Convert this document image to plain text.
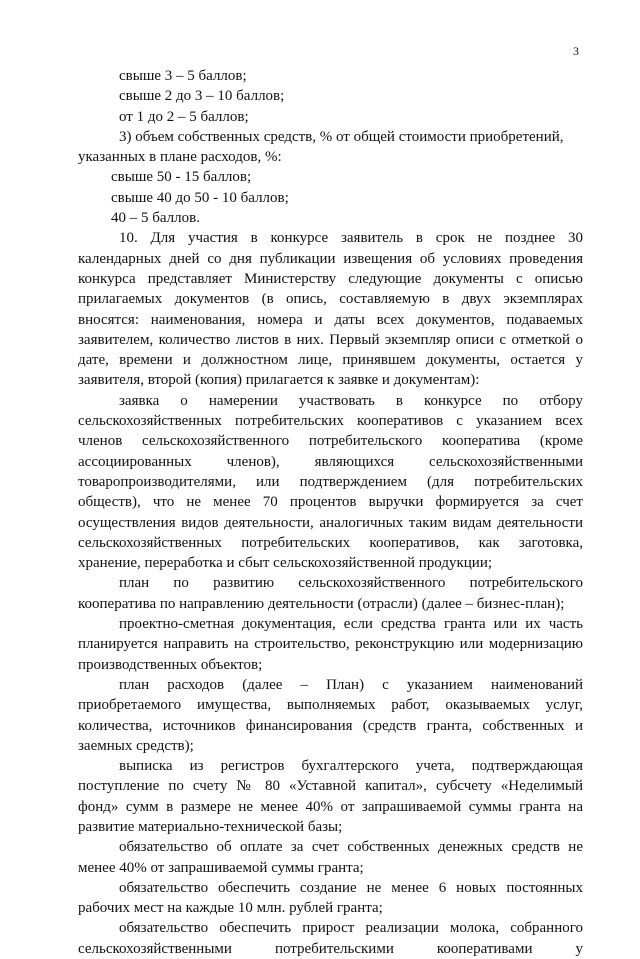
3
свыше 3 – 5 баллов;
свыше 2 до 3 – 10 баллов;
от 1 до 2 – 5 баллов;
3) объем собственных средств, % от общей стоимости приобретений,
указанных в плане расходов, %:
свыше 50 - 15 баллов;
свыше 40 до 50 - 10 баллов;
40 – 5 баллов.
10. Для участия в конкурсе заявитель в срок не позднее 30
календарных дней со дня публикации извещения об условиях проведения
конкурса представляет Министерству следующие документы с описью
прилагаемых документов (в опись, составляемую в двух экземплярах
вносятся: наименования, номера и даты всех документов, подаваемых
заявителем, количество листов в них. Первый экземпляр описи с отметкой о
дате, времени и должностном лице, принявшем документы, остается у
заявителя, второй (копия) прилагается к заявке и документам):
заявка о намерении участвовать в конкурсе по отбору
сельскохозяйственных потребительских кооперативов с указанием всех
членов сельскохозяйственного потребительского кооператива (кроме
ассоциированных членов), являющихся сельскохозяйственными
товаропроизводителями, или подтверждением (для потребительских
обществ), что не менее 70 процентов выручки формируется за счет
осуществления видов деятельности, аналогичных таким видам деятельности
сельскохозяйственных потребительских кооперативов, как заготовка,
хранение, переработка и сбыт сельскохозяйственной продукции;
план по развитию сельскохозяйственного потребительского
кооператива по направлению деятельности (отрасли) (далее – бизнес-план);
проектно-сметная документация, если средства гранта или их часть
планируется направить на строительство, реконструкцию или модернизацию
производственных объектов;
план расходов (далее – План) с указанием наименований
приобретаемого имущества, выполняемых работ, оказываемых услуг,
количества, источников финансирования (средств гранта, собственных и
заемных средств);
выписка из регистров бухгалтерского учета, подтверждающая
поступление по счету № 80 «Уставной капитал», субсчету «Неделимый
фонд» сумм в размере не менее 40% от запрашиваемой суммы гранта на
развитие материально-технической базы;
обязательство об оплате за счет собственных денежных средств не
менее 40% от запрашиваемой суммы гранта;
обязательство обеспечить создание не менее 6 новых постоянных
рабочих мест на каждые 10 млн. рублей гранта;
обязательство обеспечить прирост реализации молока, собранного
сельскохозяйственными потребительскими кооперативами у
